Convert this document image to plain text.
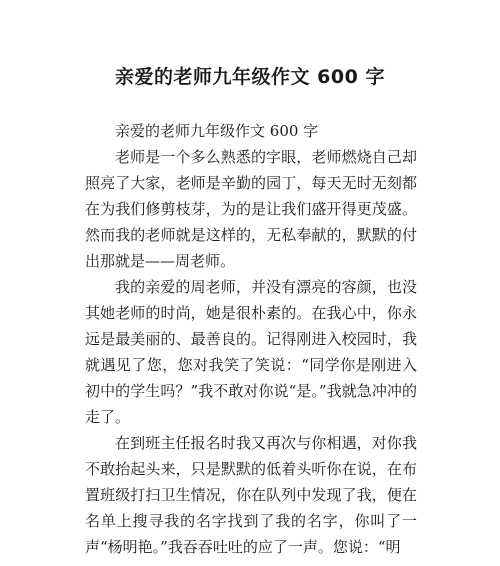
亲爱的老师九年级作文 600 字

亲爱的老师九年级作文 600 字

老师是一个多么熟悉的字眼，老师燃烧自己却照亮了大家，老师是辛勤的园丁，每天无时无刻都在为我们修剪枝芽，为的是让我们盛开得更茂盛。然而我的老师就是这样的，无私奉献的，默默的付出那就是——周老师。

我的亲爱的周老师，并没有漂亮的容颜，也没其她老师的时尚，她是很朴素的。在我心中，你永远是最美丽的、最善良的。记得刚进入校园时，我就遇见了您，您对我笑了笑说：“同学你是刚进入初中的学生吗？”我不敢对你说“是。”我就急冲冲的走了。

在到班主任报名时我又再次与你相遇，对你我不敢抬起头来，只是默默的低着头听你在说，在布置班级打扫卫生情况，你在队列中发现了我，便在名单上搜寻我的名字找到了我的名字，你叫了一声“杨明艳。”我吞吞吐吐的应了一声。您说：“明
